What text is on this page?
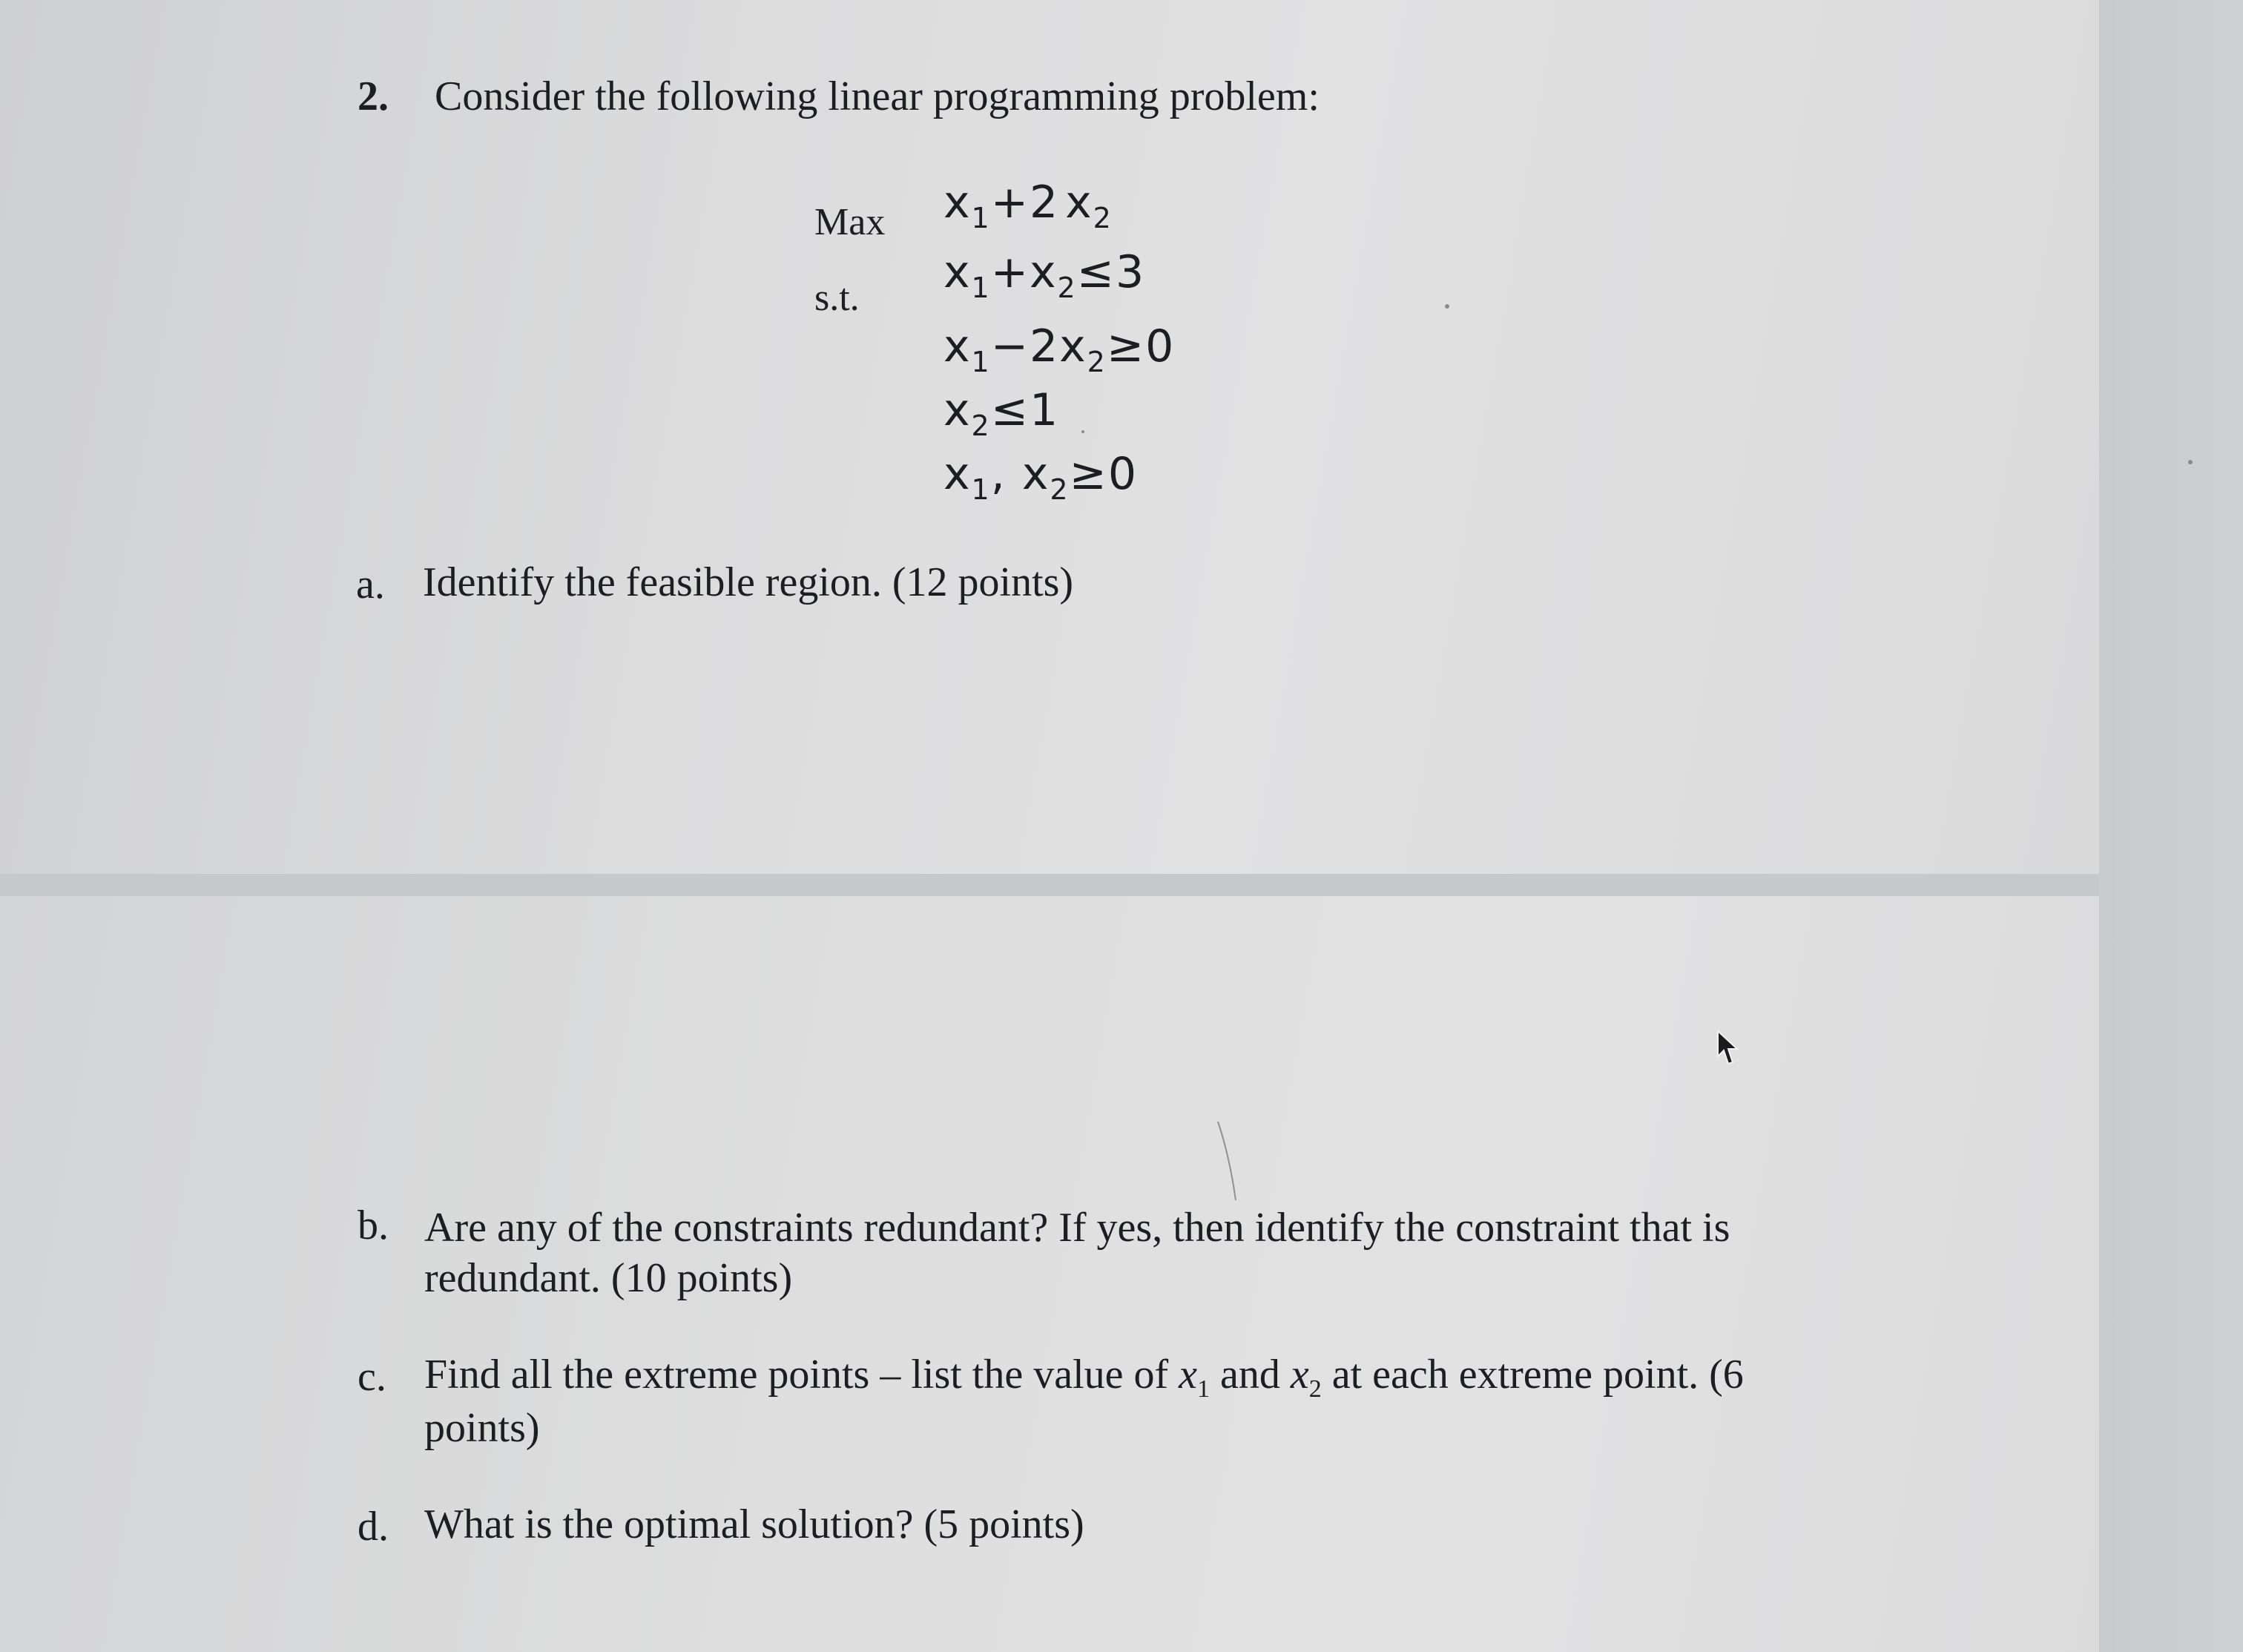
2. Consider the following linear programming problem:
Max
s.t.
$x_1+2$ $x_2$
$x_1+x_2\le 3$
$x_1-2x_2\ge 0$
$x_2\le 1$
$x_1$, $x_2\ge 0$
a. Identify the feasible region. (12 points)
b. Are any of the constraints redundant? If yes, then identify the constraint that is
redundant. (10 points)
c. Find all the extreme points – list the value of $x_1$ and $x_2$ at each extreme point. (6
points)
d. What is the optimal solution? (5 points)
